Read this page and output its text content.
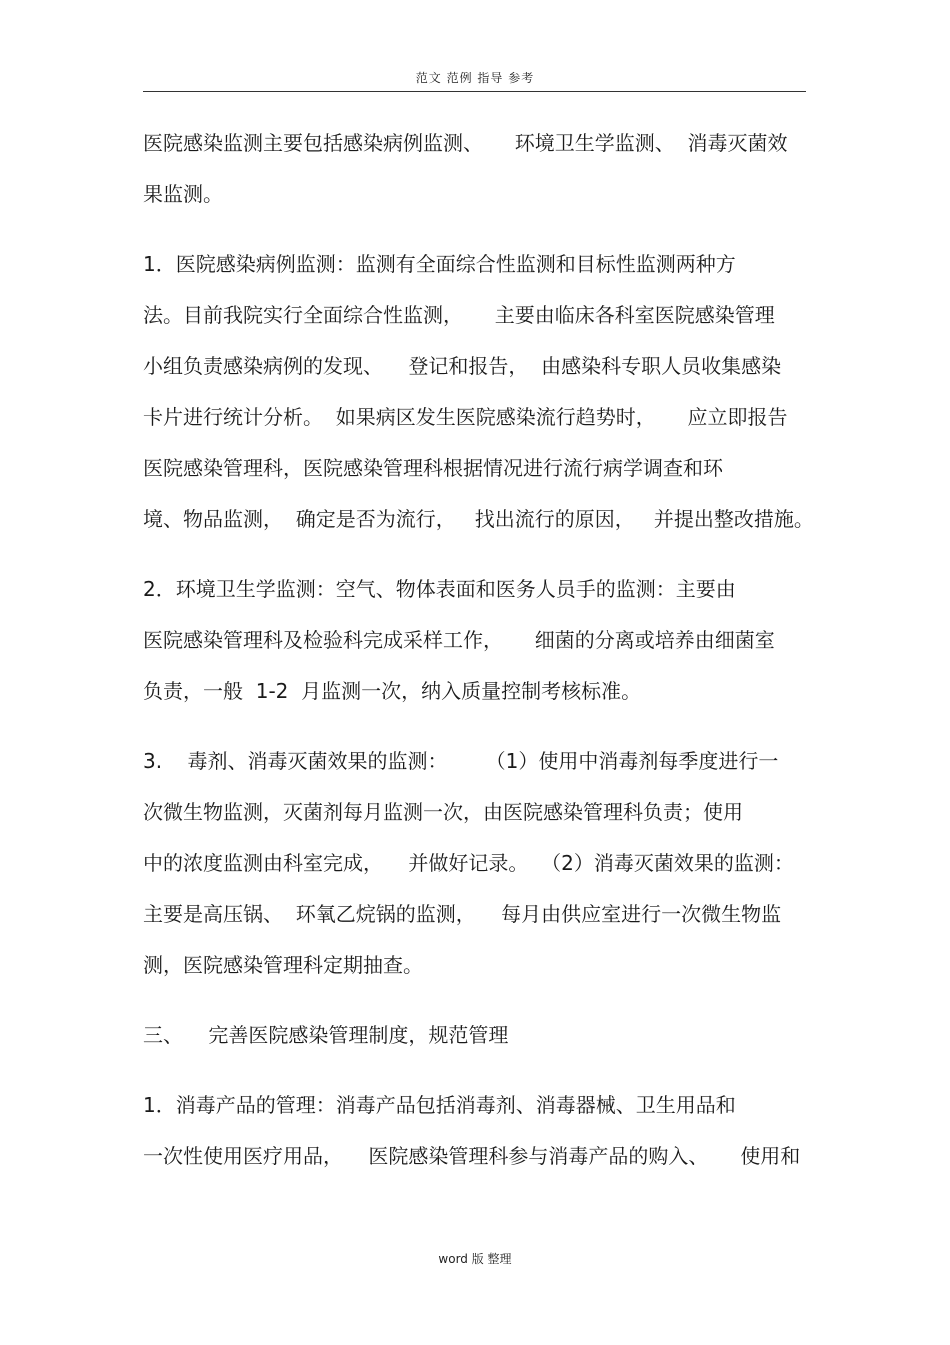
范文 范例 指导 参考
医院感染监测主要包括感染病例监测、     环境卫生学监测、  消毒灭菌效
果监测。
1．医院感染病例监测：监测有全面综合性监测和目标性监测两种方
法。目前我院实行全面综合性监测，     主要由临床各科室医院感染管理
小组负责感染病例的发现、    登记和报告，  由感染科专职人员收集感染
卡片进行统计分析。  如果病区发生医院感染流行趋势时，     应立即报告
医院感染管理科，医院感染管理科根据情况进行流行病学调查和环
境、物品监测，  确定是否为流行，   找出流行的原因，   并提出整改措施。
2．环境卫生学监测：空气、物体表面和医务人员手的监测：主要由
医院感染管理科及检验科完成采样工作，     细菌的分离或培养由细菌室
负责，一般  1-2  月监测一次，纳入质量控制考核标准。
3.    毒剂、消毒灭菌效果的监测：      （1）使用中消毒剂每季度进行一
次微生物监测，灭菌剂每月监测一次，由医院感染管理科负责；使用
中的浓度监测由科室完成，    并做好记录。  （2）消毒灭菌效果的监测：
主要是高压锅、  环氧乙烷锅的监测，    每月由供应室进行一次微生物监
测，医院感染管理科定期抽查。
三、    完善医院感染管理制度，规范管理
1．消毒产品的管理：消毒产品包括消毒剂、消毒器械、卫生用品和
一次性使用医疗用品，    医院感染管理科参与消毒产品的购入、     使用和
word 版 整理
